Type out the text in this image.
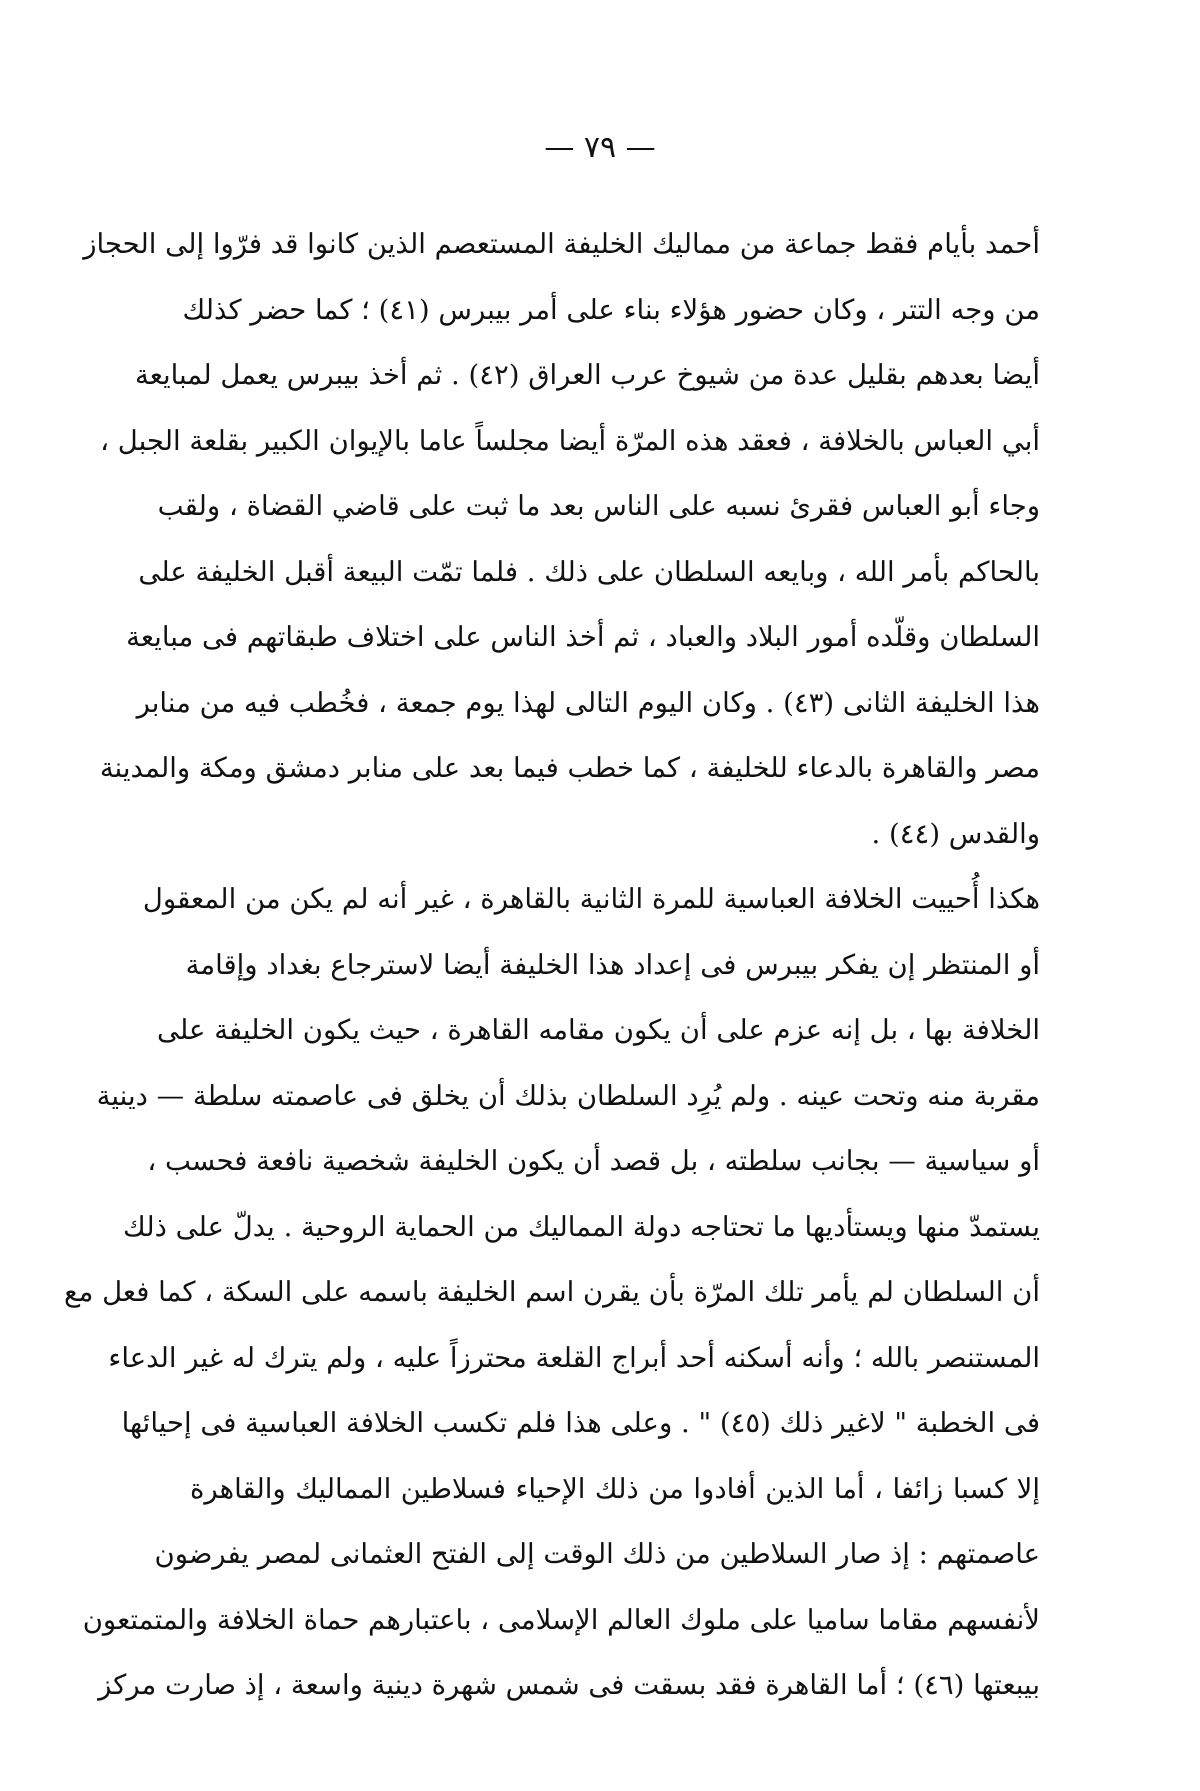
— ٧٩ —
أحمد بأيام فقط جماعة من مماليك الخليفة المستعصم الذين كانوا قد فرّوا إلى الحجاز
من وجه التتر ، وكان حضور هؤلاء بناء على أمر بيبرس (٤١) ؛ كما حضر كذلك
أيضا بعدهم بقليل عدة من شيوخ عرب العراق (٤٢) . ثم أخذ بيبرس يعمل لمبايعة
أبي العباس بالخلافة ، فعقد هذه المرّة أيضا مجلساً عاما بالإيوان الكبير بقلعة الجبل ،
وجاء أبو العباس فقرئ نسبه على الناس بعد ما ثبت على قاضي القضاة ، ولقب
بالحاكم بأمر الله ، وبايعه السلطان على ذلك . فلما تمّت البيعة أقبل الخليفة على
السلطان وقلّده أمور البلاد والعباد ، ثم أخذ الناس على اختلاف طبقاتهم فى مبايعة
هذا الخليفة الثانى (٤٣) . وكان اليوم التالى لهذا يوم جمعة ، فخُطب فيه من منابر
مصر والقاهرة بالدعاء للخليفة ، كما خطب فيما بعد على منابر دمشق ومكة والمدينة
والقدس (٤٤) .
هكذا أُحييت الخلافة العباسية للمرة الثانية بالقاهرة ، غير أنه لم يكن من المعقول
أو المنتظر إن يفكر بيبرس فى إعداد هذا الخليفة أيضا لاسترجاع بغداد وإقامة
الخلافة بها ، بل إنه عزم على أن يكون مقامه القاهرة ، حيث يكون الخليفة على
مقربة منه وتحت عينه . ولم يُرِد السلطان بذلك أن يخلق فى عاصمته سلطة — دينية
أو سياسية — بجانب سلطته ، بل قصد أن يكون الخليفة شخصية نافعة فحسب ،
يستمدّ منها ويستأديها ما تحتاجه دولة المماليك من الحماية الروحية . يدلّ على ذلك
أن السلطان لم يأمر تلك المرّة بأن يقرن اسم الخليفة باسمه على السكة ، كما فعل مع
المستنصر بالله ؛ وأنه أسكنه أحد أبراج القلعة محترزاً عليه ، ولم يترك له غير الدعاء
فى الخطبة " لاغير ذلك (٤٥) " . وعلى هذا فلم تكسب الخلافة العباسية فى إحيائها
إلا كسبا زائفا ، أما الذين أفادوا من ذلك الإحياء فسلاطين المماليك والقاهرة
عاصمتهم : إذ صار السلاطين من ذلك الوقت إلى الفتح العثمانى لمصر يفرضون
لأنفسهم مقاما ساميا على ملوك العالم الإسلامى ، باعتبارهم حماة الخلافة والمتمتعون
بيبعتها (٤٦) ؛ أما القاهرة فقد بسقت فى شمس شهرة دينية واسعة ، إذ صارت مركز
